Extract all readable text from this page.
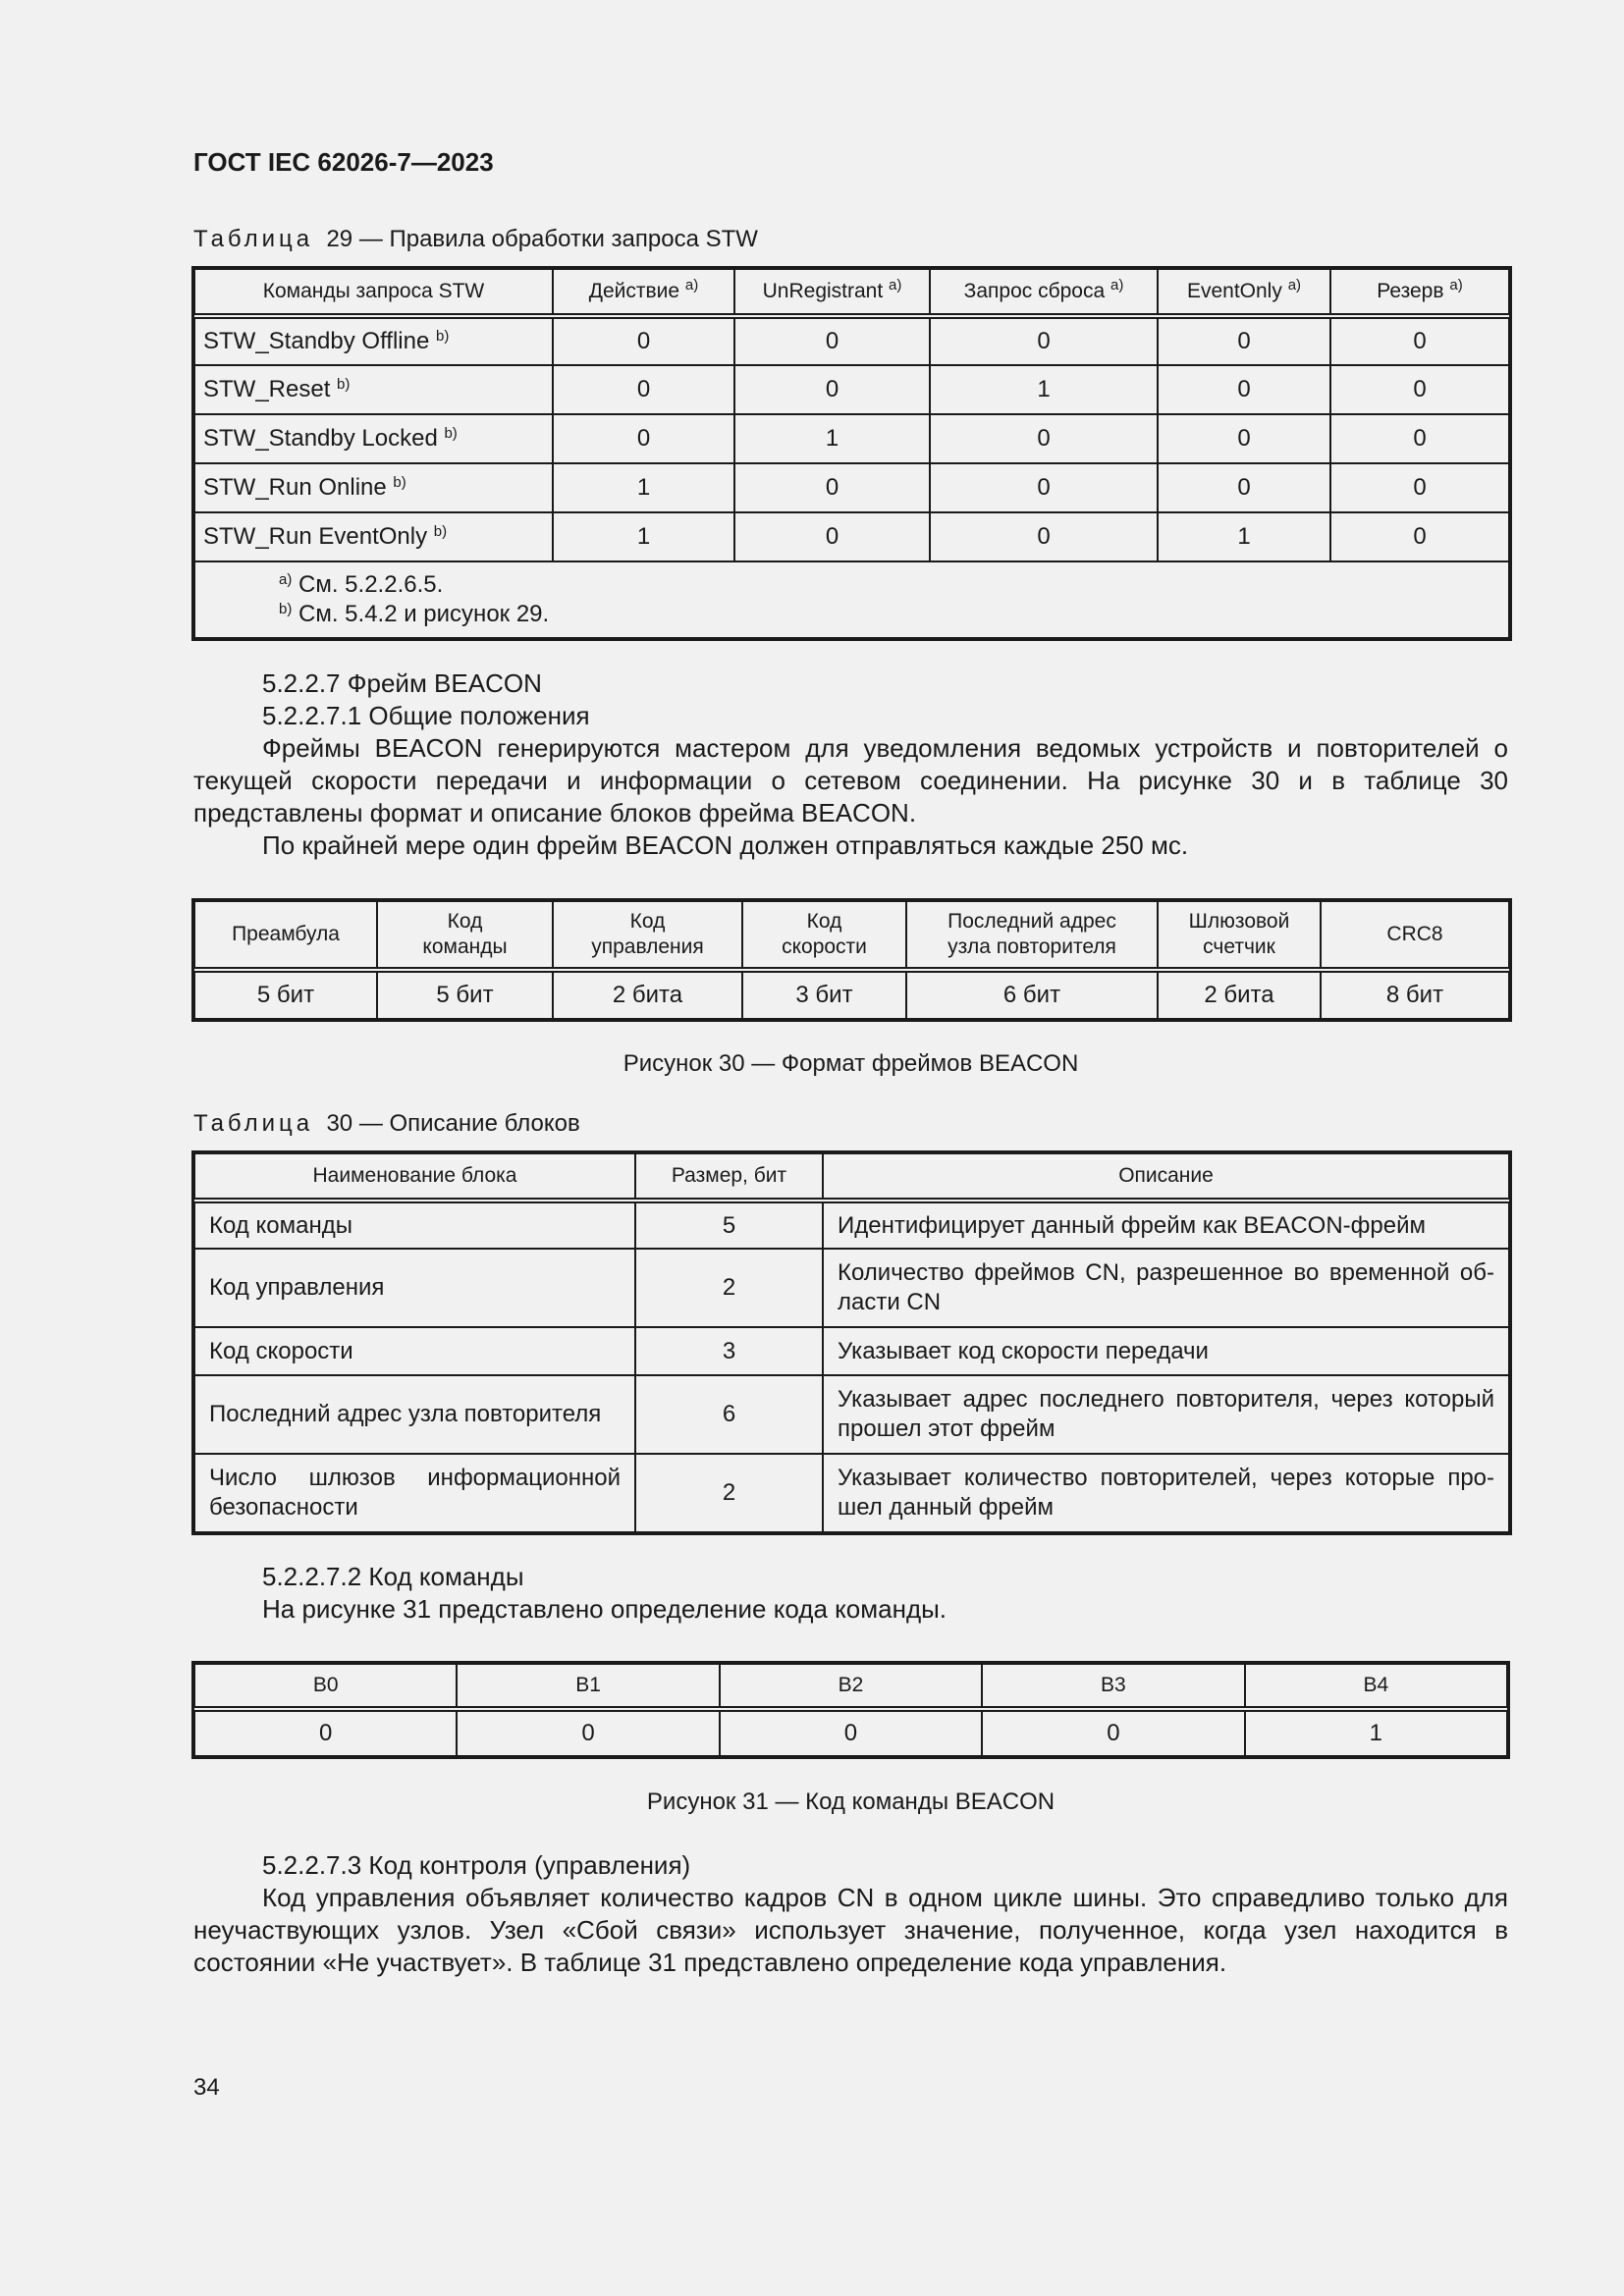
ГОСТ IEC 62026-7—2023
Таблица 29 — Правила обработки запроса STW
Команды запроса STW	Действие $^{a)}$	UnRegistrant $^{a)}$	Запрос сброса $^{a)}$	EventOnly $^{a)}$	Резерв $^{a)}$
STW_Standby Offline $^{b)}$	0	0	0	0	0
STW_Reset $^{b)}$	0	0	1	0	0
STW_Standby Locked $^{b)}$	0	1	0	0	0
STW_Run Online $^{b)}$	1	0	0	0	0
STW_Run EventOnly $^{b)}$	1	0	0	1	0

$^{a)}$ См. 5.2.2.6.5.
$^{b)}$ См. 5.4.2 и рисунок 29.					
5.2.2.7 Фрейм BEACON
5.2.2.7.1 Общие положения
Фреймы BEACON генерируются мастером для уведомления ведомых устройств и повторителей о текущей скорости передачи и информации о сетевом соединении. На рисунке 30 и в таблице 30 представлены формат и описание блоков фрейма BEACON.
По крайней мере один фрейм BEACON должен отправляться каждые 250 мс.
Преамбула	Код команды	Код управления	Код скорости	Последний адрес узла повторителя	Шлюзовой счетчик	CRC8
5 бит	5 бит	2 бита	3 бит	6 бит	2 бита	8 бит
Рисунок 30 — Формат фреймов BEACON
Таблица 30 — Описание блоков
Наименование блока	Размер, бит	Описание
Код команды	5	Идентифицирует данный фрейм как BEACON-фрейм
Код управления	2	Количество фреймов CN, разрешенное во временной об-ласти CN
Код скорости	3	Указывает код скорости передачи
Последний адрес узла повторителя	6	Указывает адрес последнего повторителя, через который прошел этот фрейм
Число шлюзов информационной безопасности	2	Указывает количество повторителей, через которые про-шел данный фрейм
5.2.2.7.2 Код команды
На рисунке 31 представлено определение кода команды.
B0	B1	B2	B3	B4
0	0	0	0	1
Рисунок 31 — Код команды BEACON
5.2.2.7.3 Код контроля (управления)
Код управления объявляет количество кадров CN в одном цикле шины. Это справедливо только для неучаствующих узлов. Узел «Сбой связи» использует значение, полученное, когда узел находится в состоянии «Не участвует». В таблице 31 представлено определение кода управления.
34
